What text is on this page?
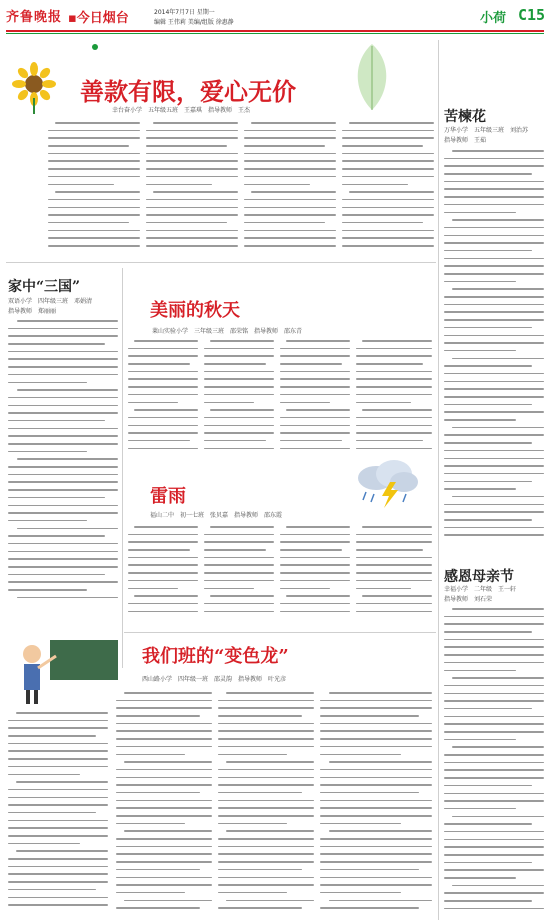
齐鲁晚报 ▪今日烟台	2014年7月7日 星期一
编辑 王伟莉 美编/组版 徐惠静	小荷 C15
善款有限，爱心无价
幸台奋小学　五年级五班　王嘉琪　指导教师　王杰
家中“三国”
双语小学　四年级三班　邓娟清
指导教师　郑丽丽	美丽的秋天
莱山实验小学　三年级三班　邵荣铭　指导教师　邵东青
雷雨
福山二中　初一七班　张贝嘉　指导教师　邵东霞
我们班的“变色龙”
西山路小学　四年级一班　邵灵韵　指导教师　叶光彦
苦楝花
万华小学　五年级三班　刘治苏
指导教师　王茹
感恩母亲节
幸福小学　二年级　王一轩
指导教师　刘石荣
